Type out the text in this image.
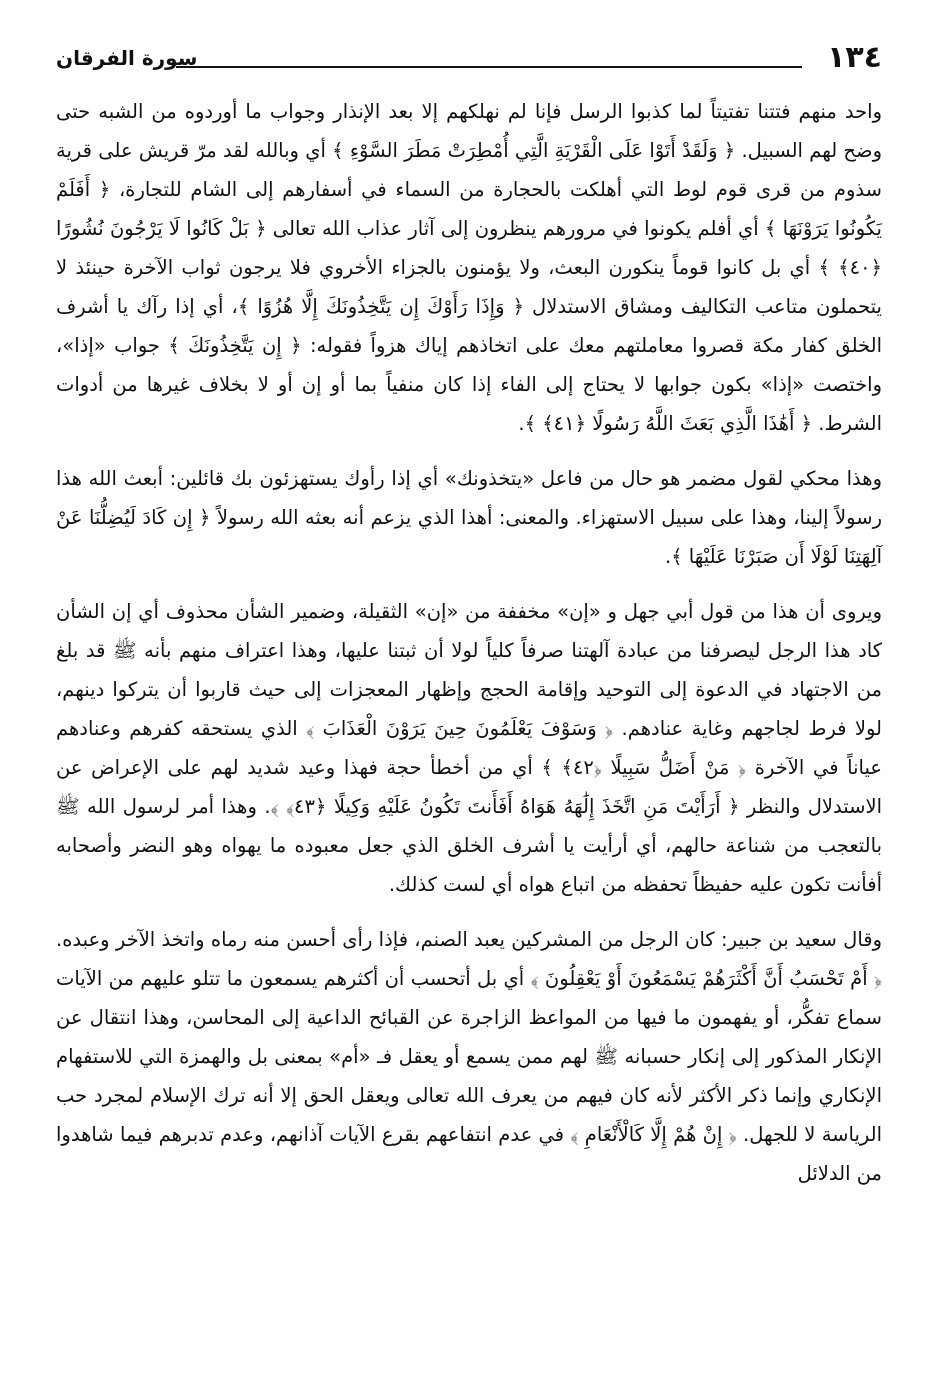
١٣٤
سورة الفرقان

واحد منهم فتتنا تفتيتاً لما كذبوا الرسل فإنا لم نهلكهم إلا بعد الإنذار وجواب ما أوردوه من الشبه حتى وضح لهم السبيل. ﴿ وَلَقَدْ أَتَوْا عَلَى الْقَرْيَةِ الَّتِي أُمْطِرَتْ مَطَرَ السَّوْءِ ﴾ أي وبالله لقد مرّ قريش على قرية سذوم من قرى قوم لوط التي أهلكت بالحجارة من السماء في أسفارهم إلى الشام للتجارة، ﴿ أَفَلَمْ يَكُونُوا يَرَوْنَهَا ﴾ أي أفلم يكونوا في مرورهم ينظرون إلى آثار عذاب الله تعالى ﴿ بَلْ كَانُوا لَا يَرْجُونَ نُشُورًا ﴿٤٠﴾ ﴾ أي بل كانوا قوماً ينكورن البعث، ولا يؤمنون بالجزاء الأخروي فلا يرجون ثواب الآخرة حينئذ لا يتحملون متاعب التكاليف ومشاق الاستدلال ﴿ وَإِذَا رَأَوْكَ إِن يَتَّخِذُونَكَ إِلَّا هُزُوًا ﴾، أي إذا رآك يا أشرف الخلق كفار مكة قصروا معاملتهم معك على اتخاذهم إياك هزواً فقوله: ﴿ إِن يَتَّخِذُونَكَ ﴾ جواب «إذا»، واختصت «إذا» بكون جوابها لا يحتاج إلى الفاء إذا كان منفياً بما أو إن أو لا بخلاف غيرها من أدوات الشرط. ﴿ أَهَٰذَا الَّذِي بَعَثَ اللَّهُ رَسُولًا ﴿٤١﴾ ﴾.

وهذا محكي لقول مضمر هو حال من فاعل «يتخذونك» أي إذا رأوك يستهزئون بك قائلين: أبعث الله هذا رسولاً إلينا، وهذا على سبيل الاستهزاء. والمعنى: أهذا الذي يزعم أنه بعثه الله رسولاً ﴿ إِن كَادَ لَيُضِلُّنَا عَنْ آلِهَتِنَا لَوْلَا أَن صَبَرْنَا عَلَيْهَا ﴾.

ويروى أن هذا من قول أبي جهل و «إن» مخففة من «إن» الثقيلة، وضمير الشأن محذوف أي إن الشأن كاد هذا الرجل ليصرفنا من عبادة آلهتنا صرفاً كلياً لولا أن ثبتنا عليها، وهذا اعتراف منهم بأنه ﷺ قد بلغ من الاجتهاد في الدعوة إلى التوحيد وإقامة الحجج وإظهار المعجزات إلى حيث قاربوا أن يتركوا دينهم، لولا فرط لجاجهم وغاية عنادهم. ﴿ وَسَوْفَ يَعْلَمُونَ حِينَ يَرَوْنَ الْعَذَابَ ﴾ الذي يستحقه كفرهم وعنادهم عياناً في الآخرة ﴿ مَنْ أَضَلُّ سَبِيلًا ﴿٤٢﴾ ﴾ أي من أخطأ حجة فهذا وعيد شديد لهم على الإعراض عن الاستدلال والنظر ﴿ أَرَأَيْتَ مَنِ اتَّخَذَ إِلَٰهَهُ هَوَاهُ أَفَأَنتَ تَكُونُ عَلَيْهِ وَكِيلًا ﴿٤٣﴾ ﴾. وهذا أمر لرسول الله ﷺ بالتعجب من شناعة حالهم، أي أرأيت يا أشرف الخلق الذي جعل معبوده ما يهواه وهو النضر وأصحابه أفأنت تكون عليه حفيظاً تحفظه من اتباع هواه أي لست كذلك.

وقال سعيد بن جبير: كان الرجل من المشركين يعبد الصنم، فإذا رأى أحسن منه رماه واتخذ الآخر وعبده. ﴿ أَمْ تَحْسَبُ أَنَّ أَكْثَرَهُمْ يَسْمَعُونَ أَوْ يَعْقِلُونَ ﴾ أي بل أتحسب أن أكثرهم يسمعون ما تتلو عليهم من الآيات سماع تفكُّر، أو يفهمون ما فيها من المواعظ الزاجرة عن القبائح الداعية إلى المحاسن، وهذا انتقال عن الإنكار المذكور إلى إنكار حسبانه ﷺ لهم ممن يسمع أو يعقل فـ «أم» بمعنى بل والهمزة التي للاستفهام الإنكاري وإنما ذكر الأكثر لأنه كان فيهم من يعرف الله تعالى ويعقل الحق إلا أنه ترك الإسلام لمجرد حب الرياسة لا للجهل. ﴿ إِنْ هُمْ إِلَّا كَالْأَنْعَامِ ﴾ في عدم انتفاعهم بقرع الآيات آذانهم، وعدم تدبرهم فيما شاهدوا من الدلائل
